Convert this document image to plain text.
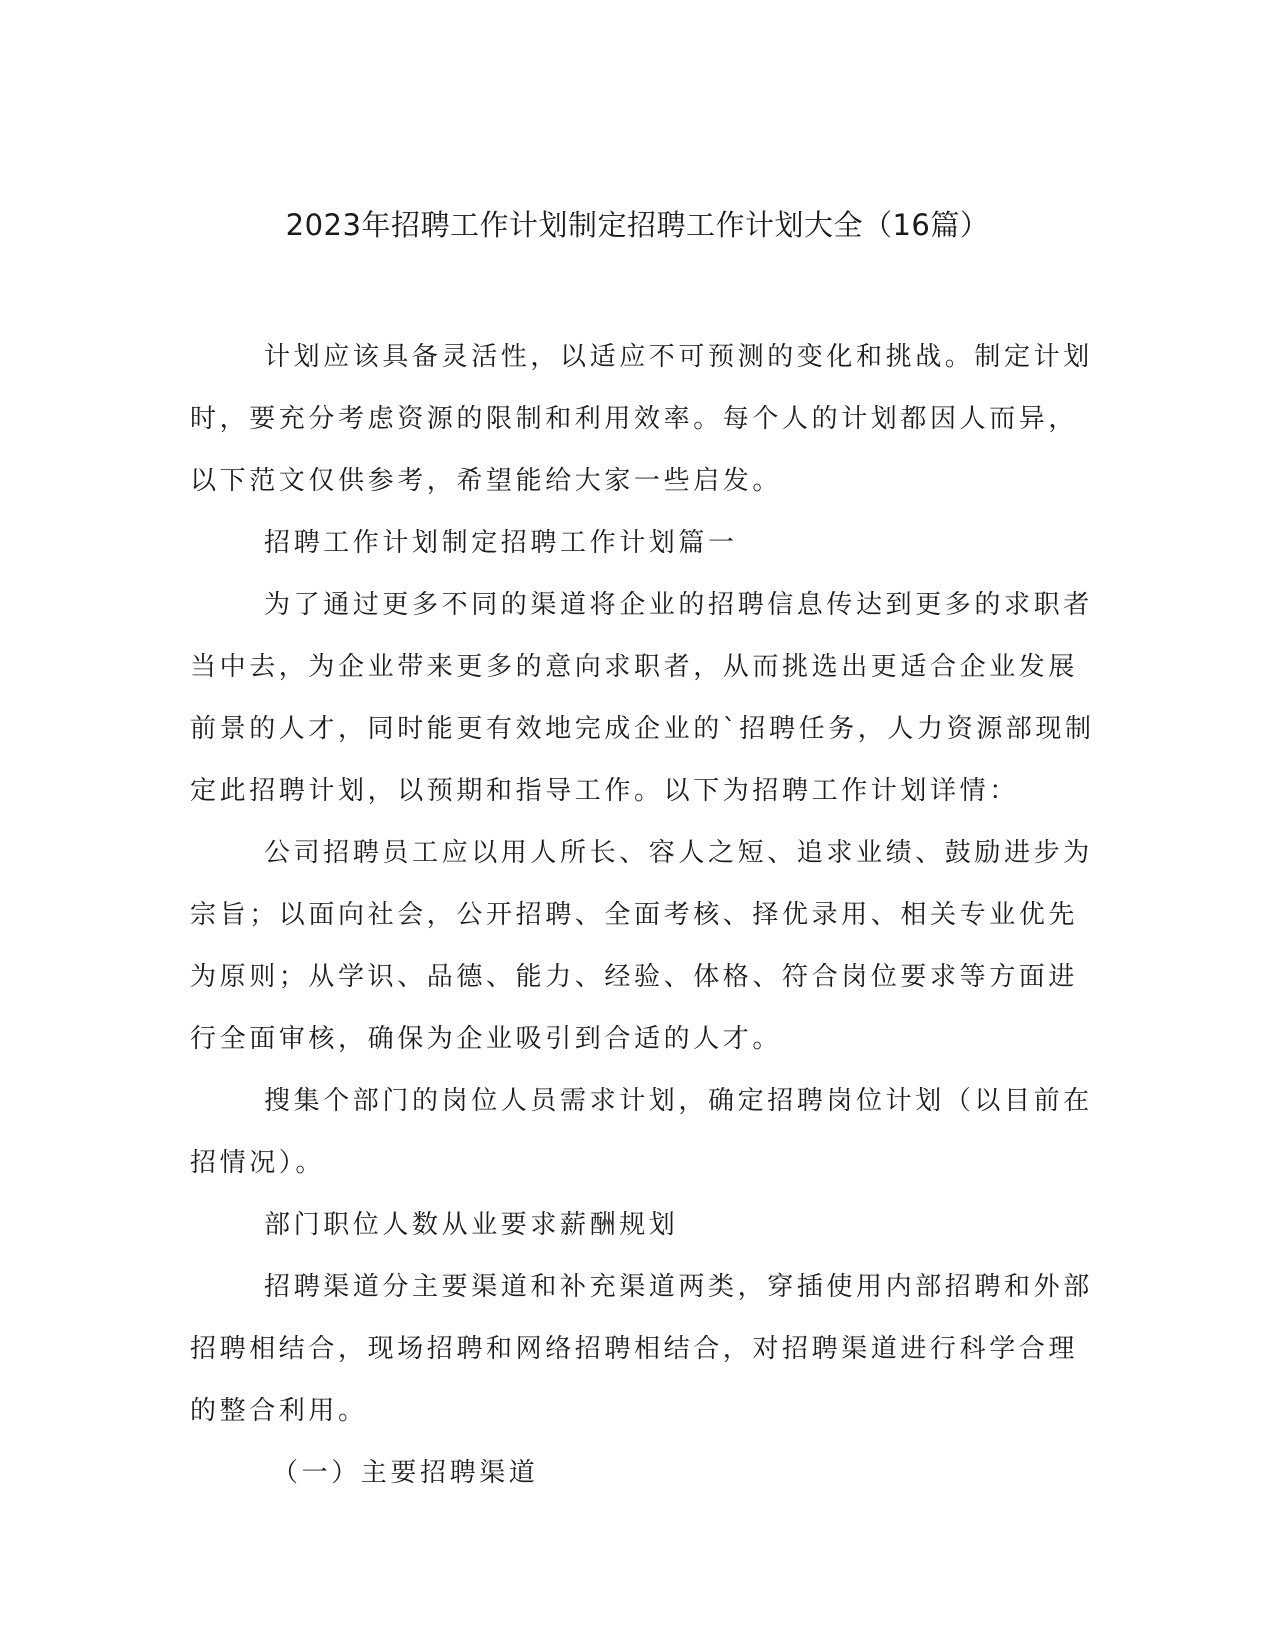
2023年招聘工作计划制定招聘工作计划大全（16篇）
计划应该具备灵活性，以适应不可预测的变化和挑战。制定计划
时，要充分考虑资源的限制和利用效率。每个人的计划都因人而异，
以下范文仅供参考，希望能给大家一些启发。
招聘工作计划制定招聘工作计划篇一
为了通过更多不同的渠道将企业的招聘信息传达到更多的求职者
当中去，为企业带来更多的意向求职者，从而挑选出更适合企业发展
前景的人才，同时能更有效地完成企业的`招聘任务，人力资源部现制
定此招聘计划，以预期和指导工作。以下为招聘工作计划详情：
公司招聘员工应以用人所长、容人之短、追求业绩、鼓励进步为
宗旨；以面向社会，公开招聘、全面考核、择优录用、相关专业优先
为原则；从学识、品德、能力、经验、体格、符合岗位要求等方面进
行全面审核，确保为企业吸引到合适的人才。
搜集个部门的岗位人员需求计划，确定招聘岗位计划（以目前在
招情况）。
部门职位人数从业要求薪酬规划
招聘渠道分主要渠道和补充渠道两类，穿插使用内部招聘和外部
招聘相结合，现场招聘和网络招聘相结合，对招聘渠道进行科学合理
的整合利用。
（一）主要招聘渠道
